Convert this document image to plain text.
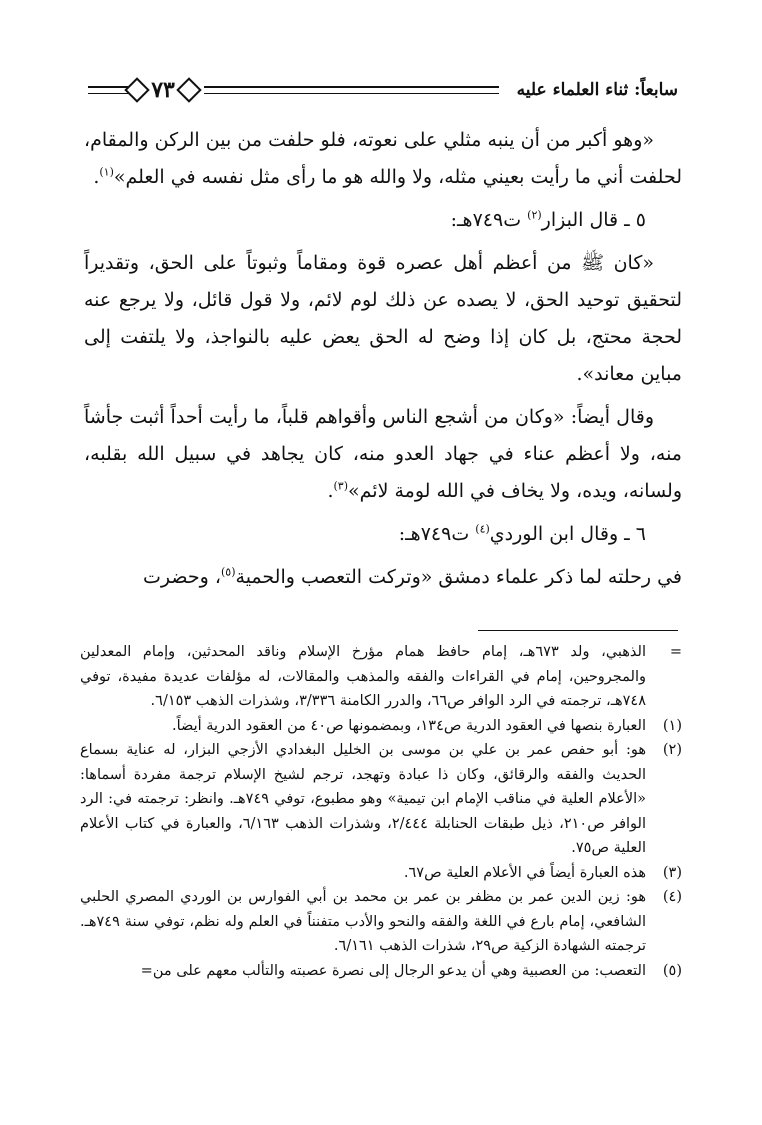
سابعاً: ثناء العلماء عليه
٧٣

«وهو أكبر من أن ينبه مثلي على نعوته، فلو حلفت من بين الركن والمقام، لحلفت أني ما رأيت بعيني مثله، ولا والله هو ما رأى مثل نفسه في العلم»$^{(١)}$.

٥ ـ قال البزار$^{(٢)}$ ت٧٤٩هـ:

«كان ﷺ من أعظم أهل عصره قوة ومقاماً وثبوتاً على الحق، وتقديراً لتحقيق توحيد الحق، لا يصده عن ذلك لوم لائم، ولا قول قائل، ولا يرجع عنه لحجة محتج، بل كان إذا وضح له الحق يعض عليه بالنواجذ، ولا يلتفت إلى مباين معاند».

وقال أيضاً: «وكان من أشجع الناس وأقواهم قلباً، ما رأيت أحداً أثبت جأشاً منه، ولا أعظم عناء في جهاد العدو منه، كان يجاهد في سبيل الله بقلبه، ولسانه، ويده، ولا يخاف في الله لومة لائم»$^{(٣)}$.

٦ ـ وقال ابن الوردي$^{(٤)}$ ت٧٤٩هـ:

في رحلته لما ذكر علماء دمشق «وتركت التعصب والحمية$^{(٥)}$، وحضرت

=
الذهبي، ولد ٦٧٣هـ، إمام حافظ همام مؤرخ الإسلام وناقد المحدثين، وإمام المعدلين والمجروحين، إمام في القراءات والفقه والمذهب والمقالات، له مؤلفات عديدة مفيدة، توفي ٧٤٨هـ، ترجمته في الرد الوافر ص٦٦، والدرر الكامنة ٣/٣٣٦، وشذرات الذهب ٦/١٥٣.
(١)
العبارة بنصها في العقود الدرية ص١٣٤، وبمضمونها ص٤٠ من العقود الدرية أيضاً.
(٢)
هو: أبو حفص عمر بن علي بن موسى بن الخليل البغدادي الأزجي البزار، له عناية بسماع الحديث والفقه والرقائق، وكان ذا عبادة وتهجد، ترجم لشيخ الإسلام ترجمة مفردة أسماها: «الأعلام العلية في مناقب الإمام ابن تيمية» وهو مطبوع، توفي ٧٤٩هـ. وانظر: ترجمته في: الرد الوافر ص٢١٠، ذيل طبقات الحنابلة ٢/٤٤٤، وشذرات الذهب ٦/١٦٣، والعبارة في كتاب الأعلام العلية ص٧٥.
(٣)
هذه العبارة أيضاً في الأعلام العلية ص٦٧.
(٤)
هو: زين الدين عمر بن مظفر بن عمر بن محمد بن أبي الفوارس بن الوردي المصري الحلبي الشافعي، إمام بارع في اللغة والفقه والنحو والأدب متفنناً في العلم وله نظم، توفي سنة ٧٤٩هـ. ترجمته الشهادة الزكية ص٢٩، شذرات الذهب ٦/١٦١.
(٥)
التعصب: من العصبية وهي أن يدعو الرجال إلى نصرة عصبته والتألب معهم على من=
